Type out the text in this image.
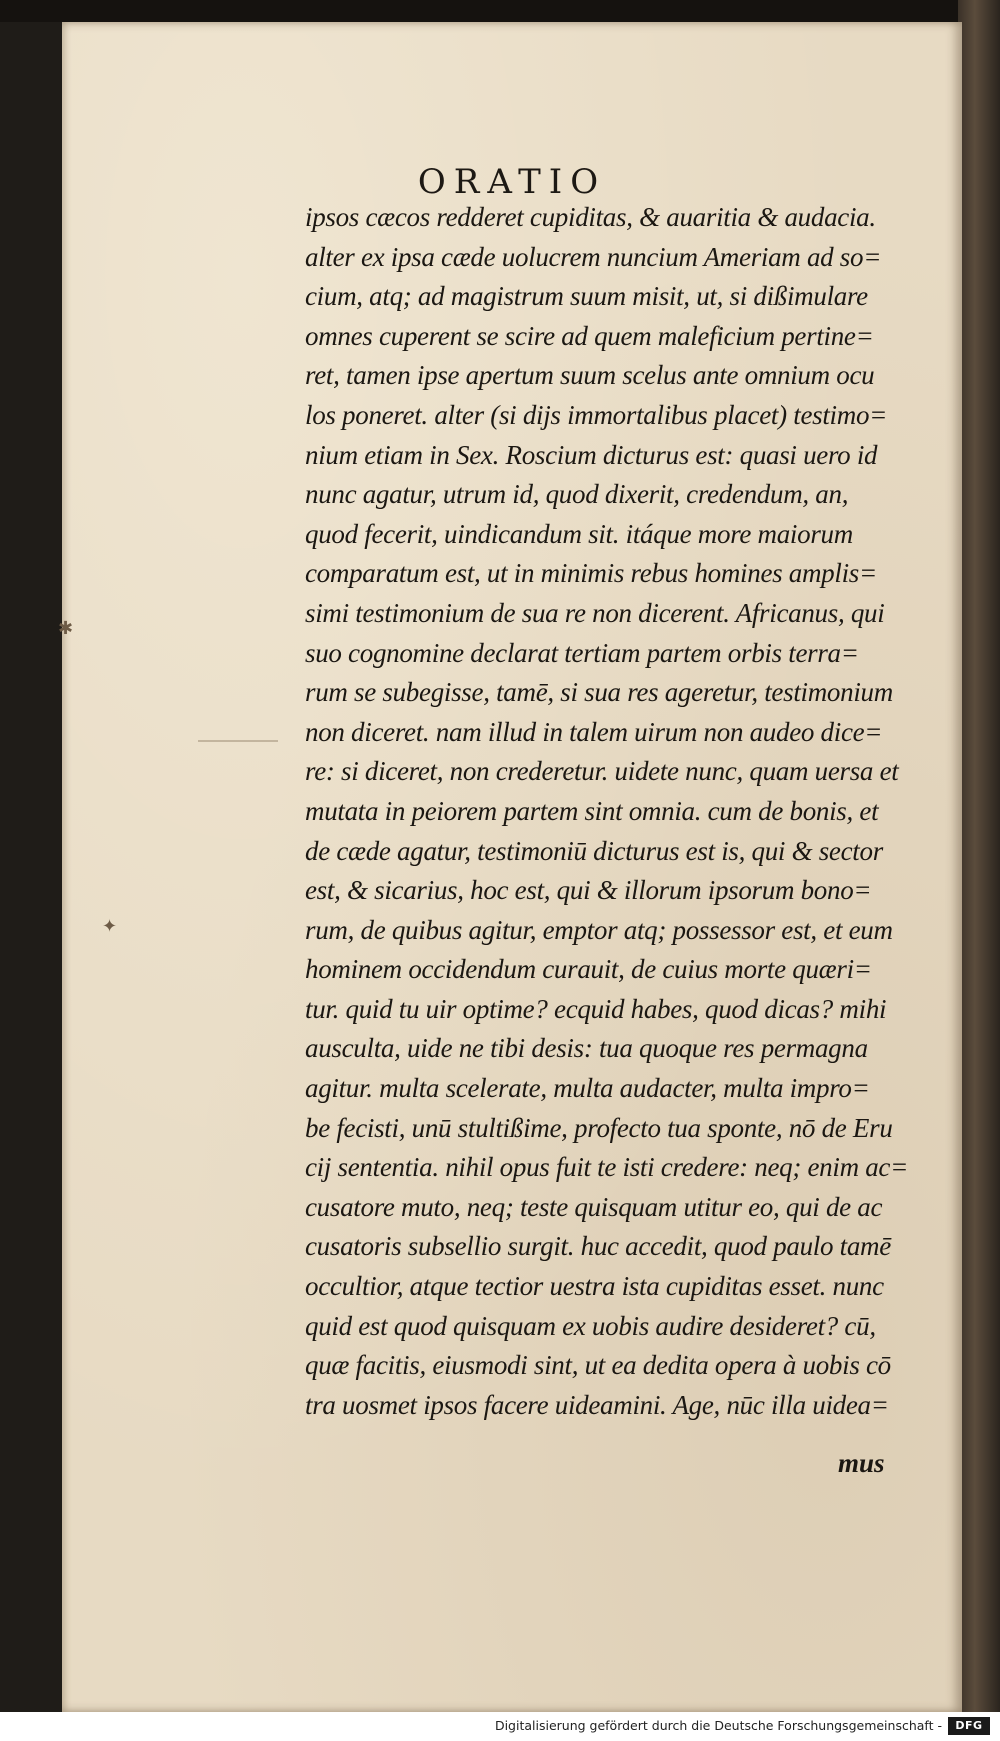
✱
✦
ORATIO
ipsos cæcos redderet cupiditas, & auaritia & audacia.
alter ex ipsa cæde uolucrem nuncium Ameriam ad so=
cium, atq; ad magistrum suum misit, ut, si dißimulare
omnes cuperent se scire ad quem maleficium pertine=
ret, tamen ipse apertum suum scelus ante omnium ocu
los poneret. alter (si dijs immortalibus placet) testimo=
nium etiam in Sex. Roscium dicturus est: quasi uero id
nunc agatur, utrum id, quod dixerit, credendum, an,
quod fecerit, uindicandum sit. itáque more maiorum
comparatum est, ut in minimis rebus homines amplis=
simi testimonium de sua re non dicerent. Africanus, qui
suo cognomine declarat tertiam partem orbis terra=
rum se subegisse, tamē, si sua res ageretur, testimonium
non diceret. nam illud in talem uirum non audeo dice=
re: si diceret, non crederetur. uidete nunc, quam uersa et
mutata in peiorem partem sint omnia. cum de bonis, et
de cæde agatur, testimoniū dicturus est is, qui & sector
est, & sicarius, hoc est, qui & illorum ipsorum bono=
rum, de quibus agitur, emptor atq; possessor est, et eum
hominem occidendum curauit, de cuius morte quæri=
tur. quid tu uir optime? ecquid habes, quod dicas? mihi
ausculta, uide ne tibi desis: tua quoque res permagna
agitur. multa scelerate, multa audacter, multa impro=
be fecisti, unū stultißime, profecto tua sponte, nō de Eru
cij sententia. nihil opus fuit te isti credere: neq; enim ac=
cusatore muto, neq; teste quisquam utitur eo, qui de ac
cusatoris subsellio surgit. huc accedit, quod paulo tamē
occultior, atque tectior uestra ista cupiditas esset. nunc
quid est quod quisquam ex uobis audire desideret? cū,
quæ facitis, eiusmodi sint, ut ea dedita opera à uobis cō
tra uosmet ipsos facere uideamini. Age, nūc illa uidea=
mus
Digitalisierung gefördert durch die Deutsche Forschungsgemeinschaft -	DFG
